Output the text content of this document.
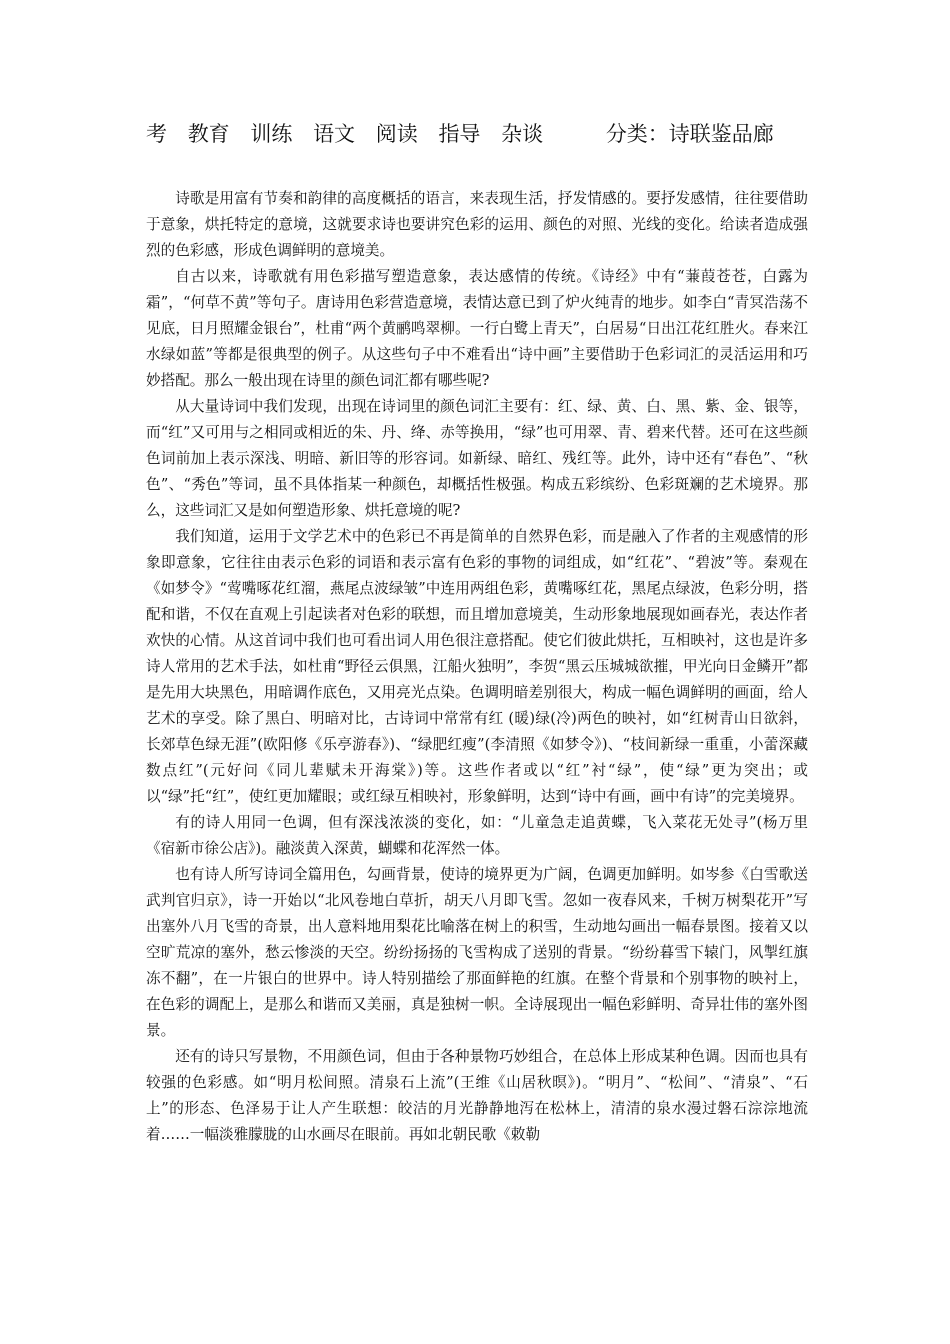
考 教育 训练 语文 阅读 指导 杂谈	分类：诗联鉴品廊

诗歌是用富有节奏和韵律的高度概括的语言，来表现生活，抒发情感的。要抒发感情，往往要借助于意象，烘托特定的意境，这就要求诗也要讲究色彩的运用、颜色的对照、光线的变化。给读者造成强烈的色彩感，形成色调鲜明的意境美。

自古以来，诗歌就有用色彩描写塑造意象，表达感情的传统。《诗经》中有“蒹葭苍苍，白露为霜”，“何草不黄”等句子。唐诗用色彩营造意境，表情达意已到了炉火纯青的地步。如李白“青冥浩荡不见底，日月照耀金银台”，杜甫“两个黄鹂鸣翠柳。一行白鹭上青天”，白居易“日出江花红胜火。春来江水绿如蓝”等都是很典型的例子。从这些句子中不难看出“诗中画”主要借助于色彩词汇的灵活运用和巧妙搭配。那么一般出现在诗里的颜色词汇都有哪些呢?

从大量诗词中我们发现，出现在诗词里的颜色词汇主要有：红、绿、黄、白、黑、紫、金、银等，而“红”又可用与之相同或相近的朱、丹、绛、赤等换用，“绿”也可用翠、青、碧来代替。还可在这些颜色词前加上表示深浅、明暗、新旧等的形容词。如新绿、暗红、残红等。此外，诗中还有“春色”、“秋色”、“秀色”等词，虽不具体指某一种颜色，却概括性极强。构成五彩缤纷、色彩斑斓的艺术境界。那么，这些词汇又是如何塑造形象、烘托意境的呢?

我们知道，运用于文学艺术中的色彩已不再是简单的自然界色彩，而是融入了作者的主观感情的形象即意象，它往往由表示色彩的词语和表示富有色彩的事物的词组成，如“红花”、“碧波”等。秦观在《如梦令》“莺嘴啄花红溜，燕尾点波绿皱”中连用两组色彩，黄嘴啄红花，黑尾点绿波，色彩分明，搭配和谐，不仅在直观上引起读者对色彩的联想，而且增加意境美，生动形象地展现如画春光，表达作者欢快的心情。从这首词中我们也可看出词人用色很注意搭配。使它们彼此烘托，互相映衬，这也是许多诗人常用的艺术手法，如杜甫“野径云俱黑，江船火独明”，李贺“黑云压城城欲摧，甲光向日金鳞开”都是先用大块黑色，用暗调作底色，又用亮光点染。色调明暗差别很大，构成一幅色调鲜明的画面，给人艺术的享受。除了黑白、明暗对比，古诗词中常常有红 (暖)绿(冷)两色的映衬，如“红树青山日欲斜，长郊草色绿无涯”(欧阳修《乐亭游春》)、“绿肥红瘦”(李清照《如梦令》)、“枝间新绿一重重，小蕾深藏数点红”(元好问《同儿辈赋未开海棠》)等。这些作者或以“红”衬“绿”，使“绿”更为突出；或以“绿”托“红”，使红更加耀眼；或红绿互相映衬，形象鲜明，达到“诗中有画，画中有诗”的完美境界。

有的诗人用同一色调，但有深浅浓淡的变化，如：“儿童急走追黄蝶，飞入菜花无处寻”(杨万里《宿新市徐公店》)。融淡黄入深黄，蝴蝶和花浑然一体。

也有诗人所写诗词全篇用色，勾画背景，使诗的境界更为广阔，色调更加鲜明。如岑参《白雪歌送武判官归京》，诗一开始以“北风卷地白草折，胡天八月即飞雪。忽如一夜春风来，千树万树梨花开”写出塞外八月飞雪的奇景，出人意料地用梨花比喻落在树上的积雪，生动地勾画出一幅春景图。接着又以空旷荒凉的塞外，愁云惨淡的天空。纷纷扬扬的飞雪构成了送别的背景。“纷纷暮雪下辕门，风掣红旗冻不翻”，在一片银白的世界中。诗人特别描绘了那面鲜艳的红旗。在整个背景和个别事物的映衬上，在色彩的调配上，是那么和谐而又美丽，真是独树一帜。全诗展现出一幅色彩鲜明、奇异壮伟的塞外图景。

还有的诗只写景物，不用颜色词，但由于各种景物巧妙组合，在总体上形成某种色调。因而也具有较强的色彩感。如“明月松间照。清泉石上流”(王维《山居秋暝》)。“明月”、“松间”、“清泉”、“石上”的形态、色泽易于让人产生联想：皎洁的月光静静地泻在松林上，清清的泉水漫过磐石淙淙地流着……一幅淡雅朦胧的山水画尽在眼前。再如北朝民歌《敕勒
